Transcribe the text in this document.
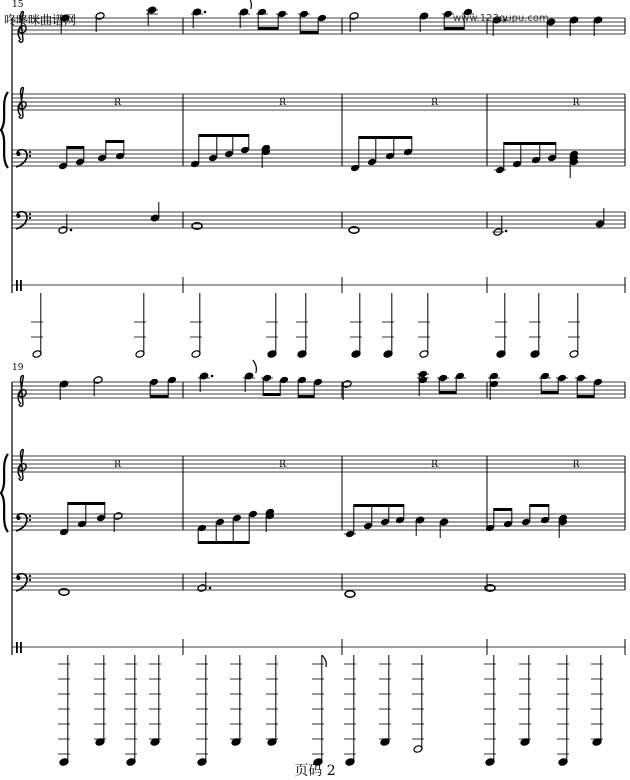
R	R	R	R
R	R	R	R
咚咚咪曲谱网	www.123qupu.com
15
19
页码 2
